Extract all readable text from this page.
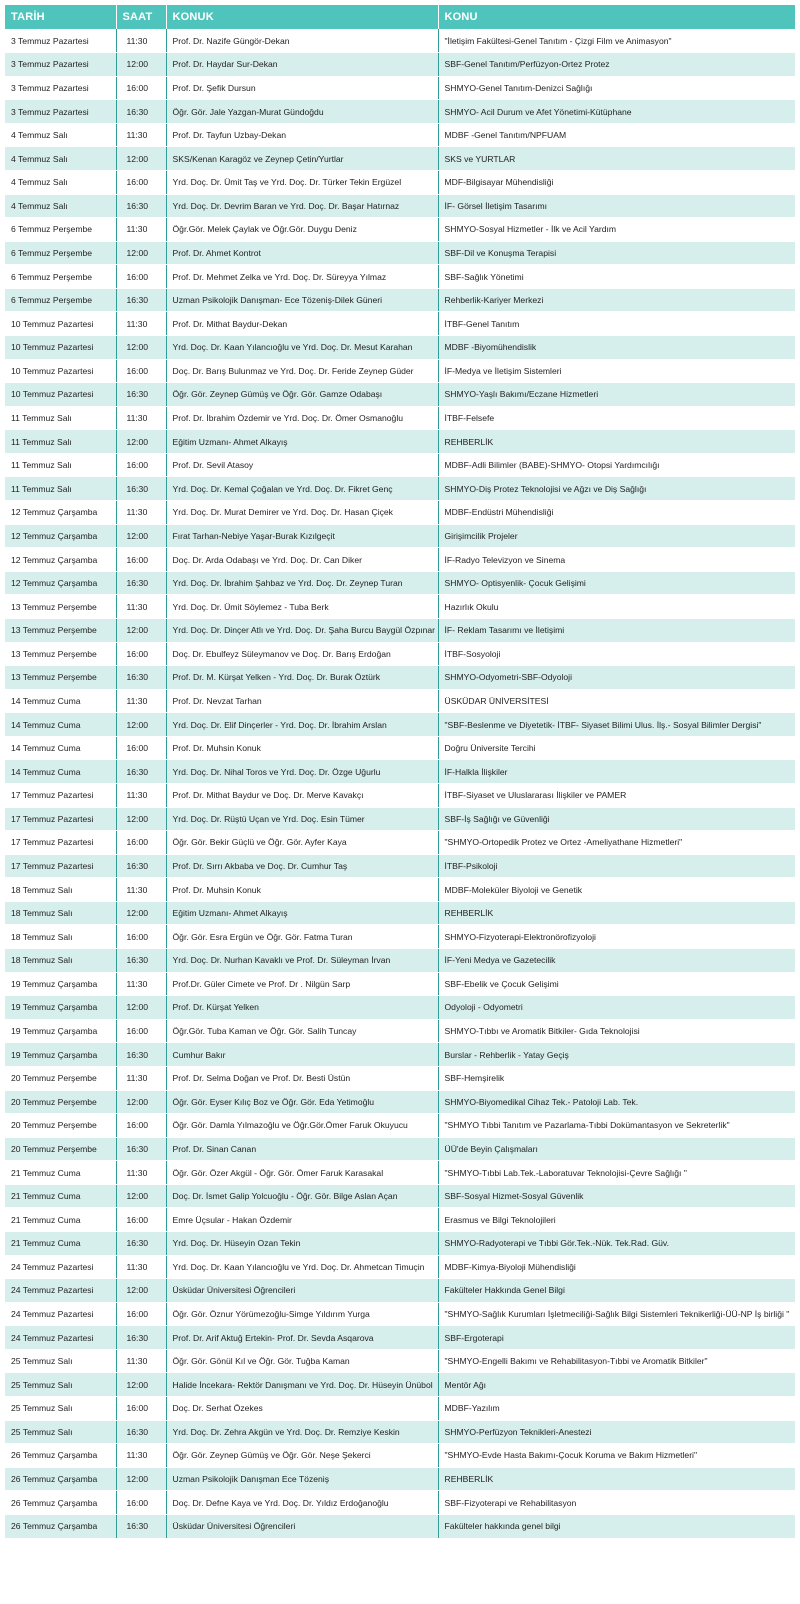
TARİH	SAAT	KONUK	KONU
3 Temmuz Pazartesi	11:30	Prof. Dr. Nazife Güngör-Dekan	"İletişim Fakültesi-Genel Tanıtım - Çizgi Film ve Animasyon"
3 Temmuz Pazartesi	12:00	Prof. Dr. Haydar Sur-Dekan	SBF-Genel Tanıtım/Perfüzyon-Ortez Protez
3 Temmuz Pazartesi	16:00	Prof. Dr. Şefik Dursun	SHMYO-Genel Tanıtım-Denizci Sağlığı
3 Temmuz Pazartesi	16:30	Öğr. Gör. Jale Yazgan-Murat Gündoğdu	SHMYO- Acil Durum ve Afet Yönetimi-Kütüphane
4 Temmuz Salı	11:30	Prof. Dr. Tayfun Uzbay-Dekan	MDBF -Genel Tanıtım/NPFUAM
4 Temmuz Salı	12:00	SKS/Kenan Karagöz ve Zeynep Çetin/Yurtlar	SKS ve YURTLAR
4 Temmuz Salı	16:00	Yrd. Doç. Dr. Ümit Taş ve Yrd. Doç. Dr. Türker Tekin Ergüzel	MDF-Bilgisayar Mühendisliği
4 Temmuz Salı	16:30	Yrd. Doç. Dr. Devrim Baran ve Yrd. Doç. Dr. Başar Hatırnaz	İF- Görsel İletişim Tasarımı
6 Temmuz Perşembe	11:30	Öğr.Gör. Melek Çaylak ve Öğr.Gör. Duygu Deniz	SHMYO-Sosyal Hizmetler - İlk ve Acil Yardım
6 Temmuz Perşembe	12:00	Prof. Dr. Ahmet Kontrot	SBF-Dil ve Konuşma Terapisi
6 Temmuz Perşembe	16:00	Prof. Dr. Mehmet Zelka ve Yrd. Doç. Dr. Süreyya Yılmaz	SBF-Sağlık Yönetimi
6 Temmuz Perşembe	16:30	Uzman Psikolojik Danışman- Ece Tözeniş-Dilek Güneri	Rehberlik-Kariyer Merkezi
10 Temmuz Pazartesi	11:30	Prof. Dr. Mithat Baydur-Dekan	İTBF-Genel Tanıtım
10 Temmuz Pazartesi	12:00	Yrd. Doç. Dr. Kaan Yılancıoğlu ve Yrd. Doç. Dr. Mesut Karahan	MDBF -Biyomühendislik
10 Temmuz Pazartesi	16:00	Doç. Dr. Barış Bulunmaz ve Yrd. Doç. Dr. Feride Zeynep Güder	İF-Medya ve İletişim Sistemleri
10 Temmuz Pazartesi	16:30	Öğr. Gör. Zeynep Gümüş ve Öğr. Gör. Gamze Odabaşı	SHMYO-Yaşlı Bakımı/Eczane Hizmetleri
11 Temmuz Salı	11:30	Prof. Dr. İbrahim Özdemir ve Yrd. Doç. Dr. Ömer Osmanoğlu	İTBF-Felsefe
11 Temmuz Salı	12:00	Eğitim Uzmanı- Ahmet Alkayış	REHBERLİK
11 Temmuz Salı	16:00	Prof. Dr. Sevil Atasoy	MDBF-Adli Bilimler (BABE)-SHMYO- Otopsi Yardımcılığı
11 Temmuz Salı	16:30	Yrd. Doç. Dr. Kemal Çoğalan ve Yrd. Doç. Dr. Fikret Genç	SHMYO-Diş Protez Teknolojisi ve Ağzı ve Diş Sağlığı
12 Temmuz Çarşamba	11:30	Yrd. Doç. Dr. Murat Demirer ve Yrd. Doç. Dr. Hasan Çiçek	MDBF-Endüstri Mühendisliği
12 Temmuz Çarşamba	12:00	Fırat Tarhan-Nebiye Yaşar-Burak Kızılgeçit	Girişimcilik Projeler
12 Temmuz Çarşamba	16:00	Doç. Dr. Arda Odabaşı ve Yrd. Doç. Dr. Can Diker	İF-Radyo Televizyon ve Sinema
12 Temmuz Çarşamba	16:30	Yrd. Doç. Dr. İbrahim Şahbaz ve Yrd. Doç. Dr. Zeynep Turan	SHMYO- Optisyenlik- Çocuk Gelişimi
13 Temmuz Perşembe	11:30	Yrd. Doç. Dr. Ümit Söylemez - Tuba Berk	Hazırlık Okulu
13 Temmuz Perşembe	12:00	Yrd. Doç. Dr. Dinçer Atlı ve Yrd. Doç. Dr. Şaha Burcu Baygül Özpınar	İF- Reklam Tasarımı ve İletişimi
13 Temmuz Perşembe	16:00	Doç. Dr. Ebulfeyz Süleymanov ve Doç. Dr. Barış Erdoğan	İTBF-Sosyoloji
13 Temmuz Perşembe	16:30	Prof. Dr. M. Kürşat Yelken - Yrd. Doç. Dr. Burak Öztürk	SHMYO-Odyometri-SBF-Odyoloji
14 Temmuz Cuma	11:30	Prof. Dr. Nevzat Tarhan	ÜSKÜDAR ÜNİVERSİTESİ
14 Temmuz Cuma	12:00	Yrd. Doç. Dr. Elif Dinçerler - Yrd. Doç. Dr. İbrahim Arslan	"SBF-Beslenme ve Diyetetik- İTBF- Siyaset Bilimi Ulus. İlş.- Sosyal Bilimler Dergisi"
14 Temmuz Cuma	16:00	Prof. Dr. Muhsin Konuk	Doğru Üniversite Tercihi
14 Temmuz Cuma	16:30	Yrd. Doç. Dr. Nihal Toros ve Yrd. Doç. Dr. Özge Uğurlu	İF-Halkla İlişkiler
17 Temmuz Pazartesi	11:30	Prof. Dr. Mithat Baydur ve Doç. Dr. Merve Kavakçı	İTBF-Siyaset ve Uluslararası İlişkiler ve PAMER
17 Temmuz Pazartesi	12:00	Yrd. Doç. Dr. Rüştü Uçan ve Yrd. Doç. Esin Tümer	SBF-İş Sağlığı ve Güvenliği
17 Temmuz Pazartesi	16:00	Öğr. Gör. Bekir Güçlü ve Öğr. Gör. Ayfer Kaya	"SHMYO-Ortopedik Protez ve Ortez -Ameliyathane Hizmetleri"
17 Temmuz Pazartesi	16:30	Prof. Dr. Sırrı Akbaba ve Doç. Dr. Cumhur Taş	İTBF-Psikoloji
18 Temmuz Salı	11:30	Prof. Dr. Muhsin Konuk	MDBF-Moleküler Biyoloji ve Genetik
18 Temmuz Salı	12:00	Eğitim Uzmanı- Ahmet Alkayış	REHBERLİK
18 Temmuz Salı	16:00	Öğr. Gör. Esra Ergün ve Öğr. Gör. Fatma Turan	SHMYO-Fizyoterapi-Elektronörofizyoloji
18 Temmuz Salı	16:30	Yrd. Doç. Dr. Nurhan Kavaklı ve Prof. Dr. Süleyman İrvan	İF-Yeni Medya ve Gazetecilik
19 Temmuz Çarşamba	11:30	Prof.Dr. Güler Cimete ve Prof. Dr . Nilgün Sarp	SBF-Ebelik ve Çocuk Gelişimi
19 Temmuz Çarşamba	12:00	Prof. Dr. Kürşat Yelken	Odyoloji - Odyometri
19 Temmuz Çarşamba	16:00	Öğr.Gör. Tuba Kaman ve Öğr. Gör. Salih Tuncay	SHMYO-Tıbbı ve Aromatik Bitkiler- Gıda Teknolojisi
19 Temmuz Çarşamba	16:30	Cumhur Bakır	Burslar - Rehberlik - Yatay Geçiş
20 Temmuz Perşembe	11:30	Prof. Dr. Selma Doğan ve Prof. Dr. Besti Üstün	SBF-Hemşirelik
20 Temmuz Perşembe	12:00	Öğr. Gör. Eyser Kılıç Boz ve Öğr. Gör. Eda Yetimoğlu	SHMYO-Biyomedikal Cihaz Tek.- Patoloji Lab. Tek.
20 Temmuz Perşembe	16:00	Öğr. Gör. Damla Yılmazoğlu ve Öğr.Gör.Ömer Faruk Okuyucu	"SHMYO Tıbbi Tanıtım ve Pazarlama-Tıbbi Dokümantasyon ve Sekreterlik"
20 Temmuz Perşembe	16:30	Prof. Dr. Sinan Canan	ÜÜ'de Beyin Çalışmaları
21 Temmuz Cuma	11:30	Öğr. Gör. Özer Akgül - Öğr. Gör. Ömer Faruk Karasakal	"SHMYO-Tıbbi Lab.Tek.-Laboratuvar Teknolojisi-Çevre Sağlığı "
21 Temmuz Cuma	12:00	Doç. Dr. İsmet Galip Yolcuoğlu - Öğr. Gör. Bilge Aslan Açan	SBF-Sosyal Hizmet-Sosyal Güvenlik
21 Temmuz Cuma	16:00	Emre Üçsular - Hakan Özdemir	Erasmus ve Bilgi Teknolojileri
21 Temmuz Cuma	16:30	Yrd. Doç. Dr. Hüseyin Ozan Tekin	SHMYO-Radyoterapi ve Tıbbi Gör.Tek.-Nük. Tek.Rad. Güv.
24 Temmuz Pazartesi	11:30	Yrd. Doç. Dr. Kaan Yılancıoğlu ve Yrd. Doç. Dr. Ahmetcan Timuçin	MDBF-Kimya-Biyoloji Mühendisliği
24 Temmuz Pazartesi	12:00	Üsküdar Üniversitesi Öğrencileri	Fakülteler Hakkında Genel Bilgi
24 Temmuz Pazartesi	16:00	Öğr. Gör. Öznur Yörümezoğlu-Simge Yıldırım Yurga	"SHMYO-Sağlık Kurumları İşletmeciliği-Sağlık Bilgi Sistemleri Teknikerliği-ÜÜ-NP İş birliği "
24 Temmuz Pazartesi	16:30	Prof. Dr. Arif Aktuğ Ertekin- Prof. Dr. Sevda Asqarova	SBF-Ergoterapi
25 Temmuz Salı	11:30	Öğr. Gör. Gönül Kıl ve Öğr. Gör. Tuğba Kaman	"SHMYO-Engelli Bakımı ve Rehabilitasyon-Tıbbi ve Aromatik Bitkiler"
25 Temmuz Salı	12:00	Halide İncekara- Rektör Danışmanı ve Yrd. Doç. Dr. Hüseyin Ünübol	Mentör Ağı
25 Temmuz Salı	16:00	Doç. Dr. Serhat Özekes	MDBF-Yazılım
25 Temmuz Salı	16:30	Yrd. Doç. Dr. Zehra Akgün ve Yrd. Doç. Dr. Remziye Keskin	SHMYO-Perfüzyon Teknikleri-Anestezi
26 Temmuz Çarşamba	11:30	Öğr. Gör. Zeynep Gümüş ve Öğr. Gör. Neşe Şekerci	"SHMYO-Evde Hasta Bakımı-Çocuk Koruma ve Bakım Hizmetleri"
26 Temmuz Çarşamba	12:00	Uzman Psikolojik Danışman Ece Tözeniş	REHBERLİK
26 Temmuz Çarşamba	16:00	Doç. Dr. Defne Kaya ve Yrd. Doç. Dr. Yıldız Erdoğanoğlu	SBF-Fizyoterapi ve Rehabilitasyon
26 Temmuz Çarşamba	16:30	Üsküdar Üniversitesi Öğrencileri	Fakülteler hakkında genel bilgi
